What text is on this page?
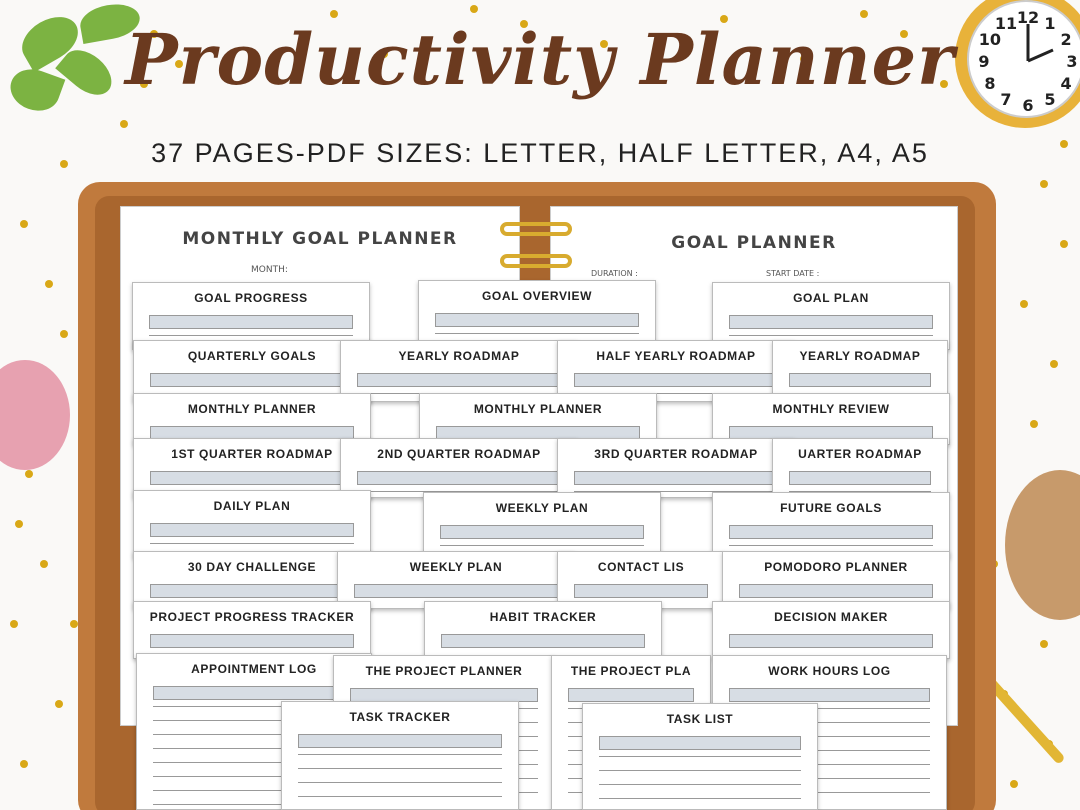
12 1
2
3
4
5
6
7
8
9
10
11
Productivity Planner
37 PAGES-PDF SIZES: LETTER, HALF LETTER, A4, A5
MONTHLY GOAL PLANNER
MONTH:
GOAL PLANNER
DURATION :	START DATE :
GOAL PROGRESS	GOAL OVERVIEW	GOAL PLAN
QUARTERLY GOALS	YEARLY ROADMAP	HALF YEARLY ROADMAP	YEARLY ROADMAP
MONTHLY PLANNER	MONTHLY PLANNER	MONTHLY REVIEW
1ST QUARTER ROADMAP	2ND QUARTER ROADMAP	3RD QUARTER ROADMAP	UARTER ROADMAP
DAILY PLAN	WEEKLY PLAN	FUTURE GOALS
30 DAY CHALLENGE	WEEKLY PLAN	CONTACT LIS	POMODORO PLANNER
PROJECT PROGRESS TRACKER	HABIT TRACKER	DECISION MAKER
APPOINTMENT LOG	THE PROJECT PLANNER	THE PROJECT PLA	WORK HOURS LOG
TASK TRACKER	TASK LIST
